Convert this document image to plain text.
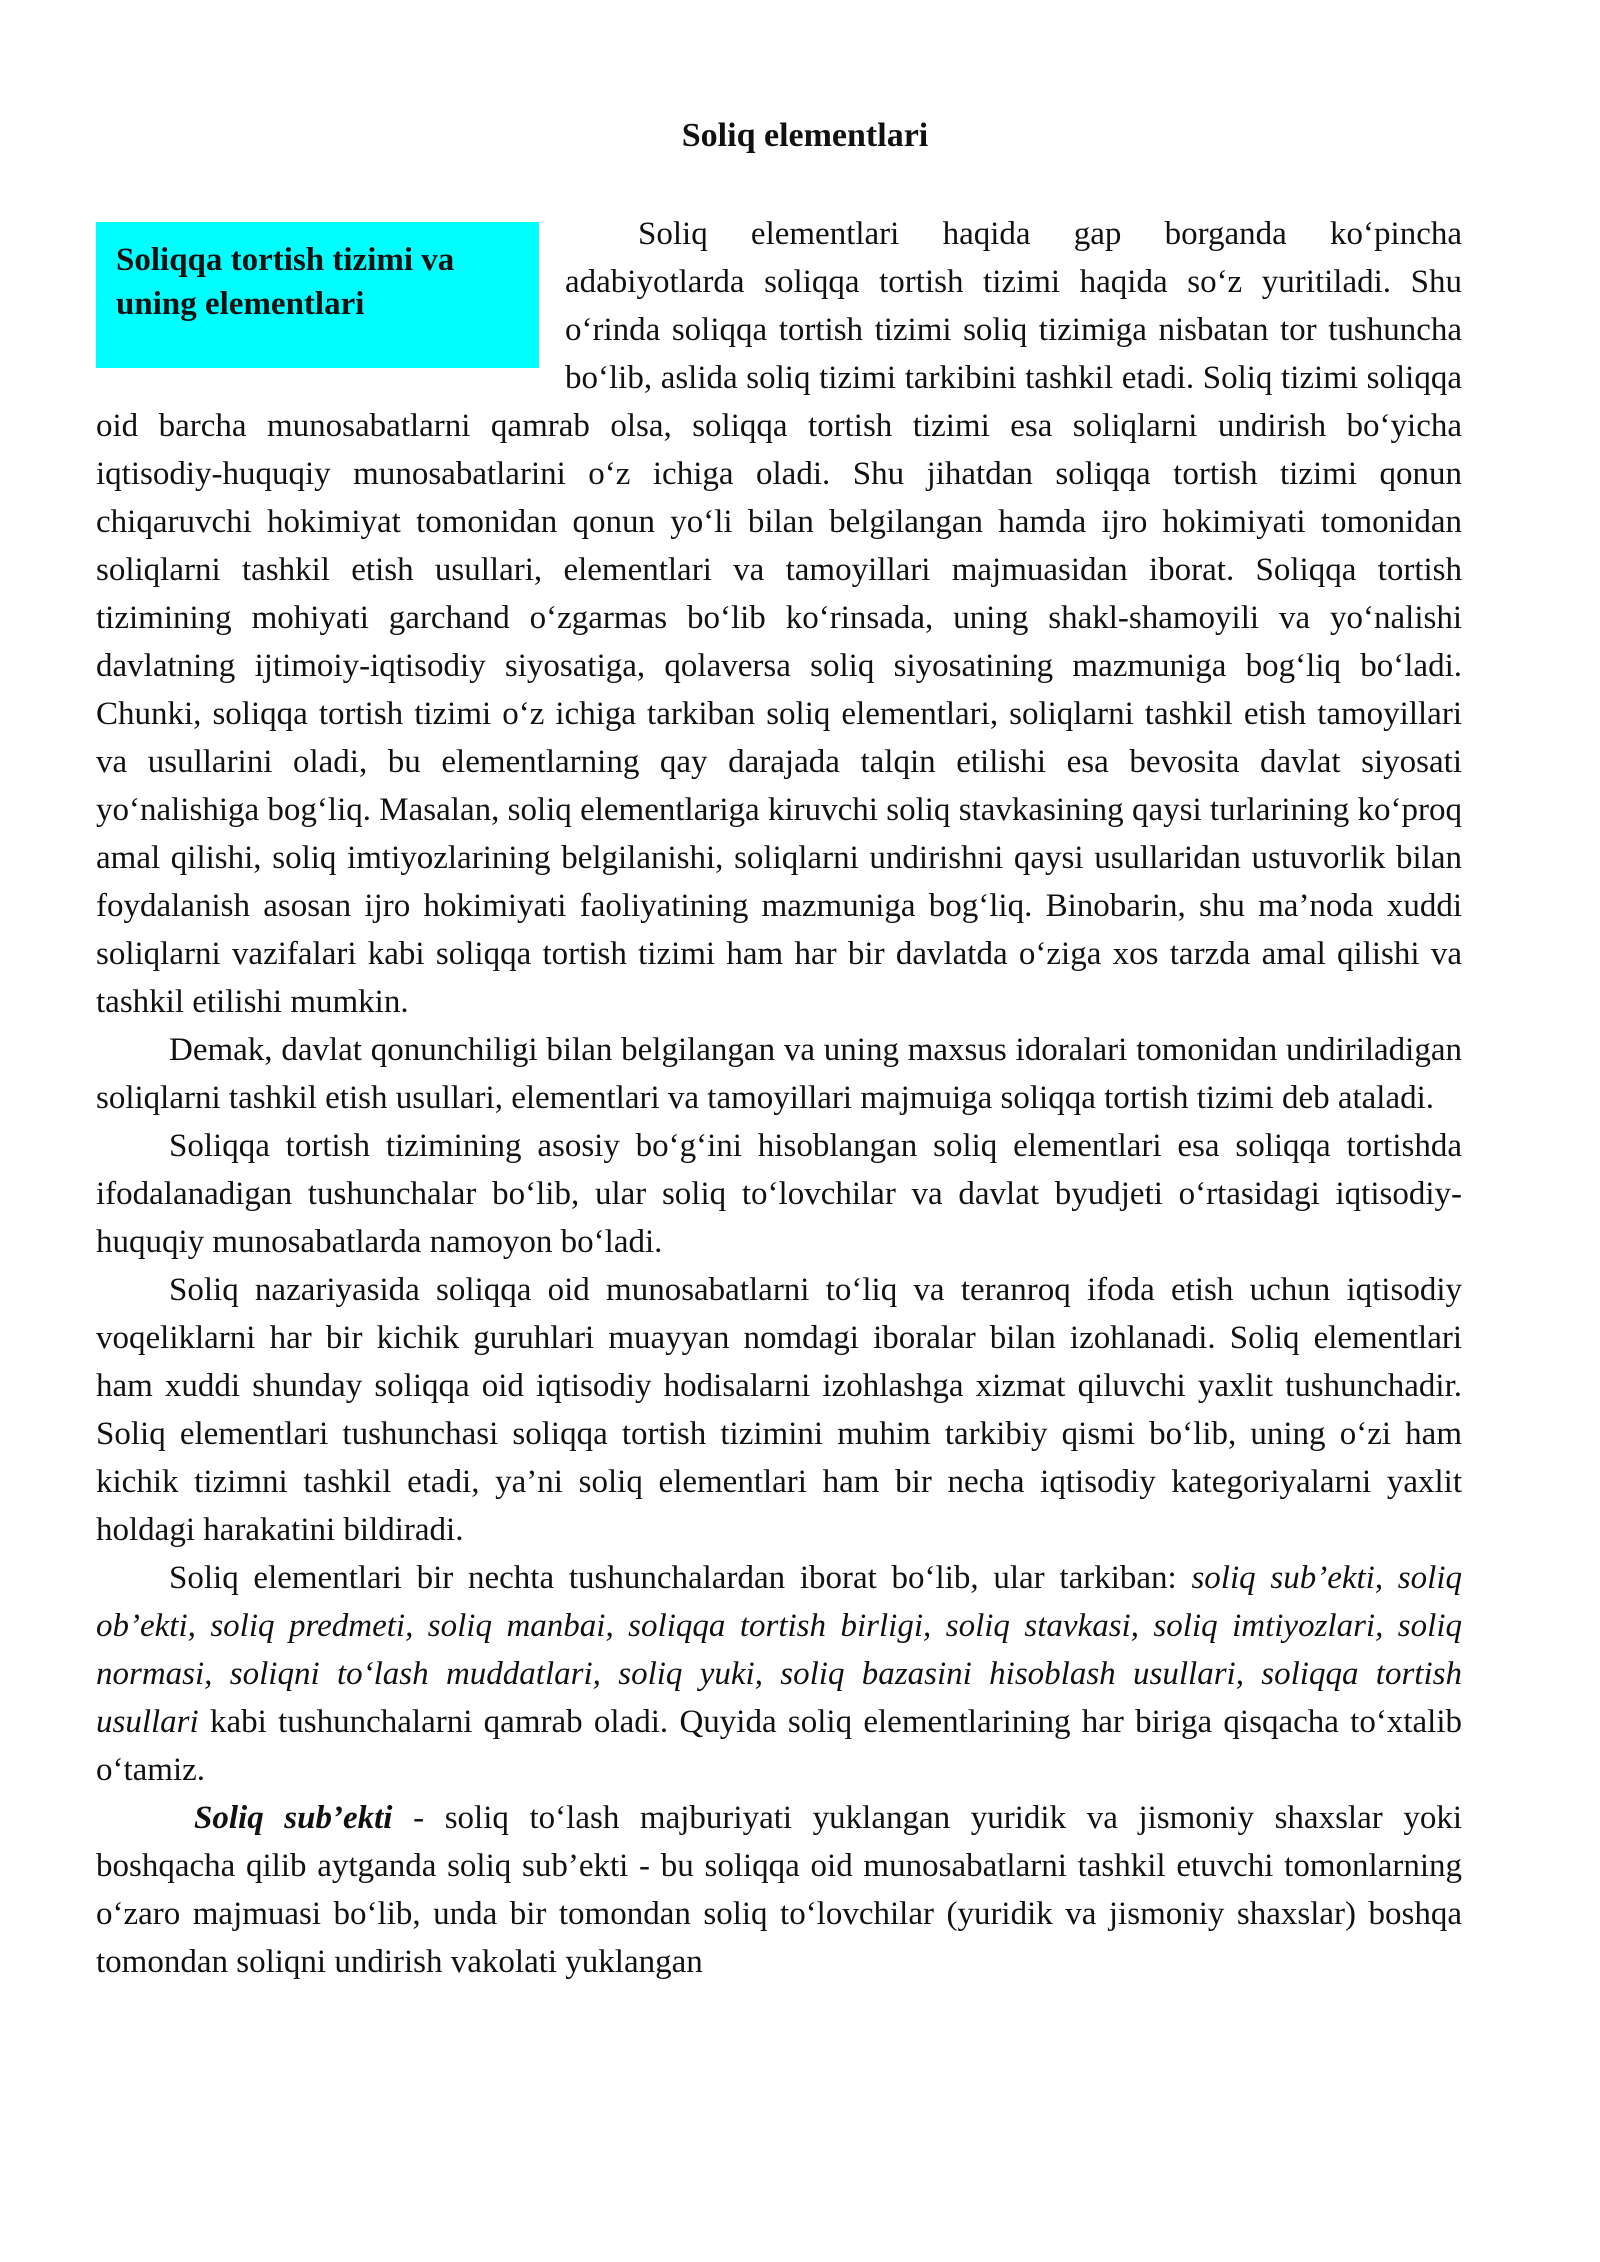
Soliq elementlari
Soliqqa tortish tizimi va
uning elementlari

Soliq elementlari haqida gap borganda koʻpincha adabiyotlarda soliqqa tortish tizimi haqida soʻz yuritiladi. Shu oʻrinda soliqqa tortish tizimi soliq tizimiga nisbatan tor tushuncha boʻlib, aslida soliq tizimi tarkibini tashkil etadi. Soliq tizimi soliqqa oid barcha munosabatlarni qamrab olsa, soliqqa tortish tizimi esa soliqlarni undirish boʻyicha iqtisodiy-huquqiy munosabatlarini oʻz ichiga oladi. Shu jihatdan soliqqa tortish tizimi qonun chiqaruvchi hokimiyat tomonidan qonun yoʻli bilan belgilangan hamda ijro hokimiyati tomonidan soliqlarni tashkil etish usullari, elementlari va tamoyillari majmuasidan iborat. Soliqqa tortish tizimining mohiyati garchand oʻzgarmas boʻlib koʻrinsada, uning shakl-shamoyili va yoʻnalishi davlatning ijtimoiy-iqtisodiy siyosatiga, qolaversa soliq siyosatining mazmuniga bogʻliq boʻladi. Chunki, soliqqa tortish tizimi oʻz ichiga tarkiban soliq elementlari, soliqlarni tashkil etish tamoyillari va usullarini oladi, bu elementlarning qay darajada talqin etilishi esa bevosita davlat siyosati yoʻnalishiga bogʻliq. Masalan, soliq elementlariga kiruvchi soliq stavkasining qaysi turlarining koʻproq amal qilishi, soliq imtiyozlarining belgilanishi, soliqlarni undirishni qaysi usullaridan ustuvorlik bilan foydalanish asosan ijro hokimiyati faoliyatining mazmuniga bogʻliq. Binobarin, shu ma’noda xuddi soliqlarni vazifalari kabi soliqqa tortish tizimi ham har bir davlatda oʻziga xos tarzda amal qilishi va tashkil etilishi mumkin.

Demak, davlat qonunchiligi bilan belgilangan va uning maxsus idoralari tomonidan undiriladigan soliqlarni tashkil etish usullari, elementlari va tamoyillari majmuiga soliqqa tortish tizimi deb ataladi.

Soliqqa tortish tizimining asosiy boʻgʻini hisoblangan soliq elementlari esa soliqqa tortishda ifodalanadigan tushunchalar boʻlib, ular soliq toʻlovchilar va davlat byudjeti oʻrtasidagi iqtisodiy-huquqiy munosabatlarda namoyon boʻladi.

Soliq nazariyasida soliqqa oid munosabatlarni toʻliq va teranroq ifoda etish uchun iqtisodiy voqeliklarni har bir kichik guruhlari muayyan nomdagi iboralar bilan izohlanadi. Soliq elementlari ham xuddi shunday soliqqa oid iqtisodiy hodisalarni izohlashga xizmat qiluvchi yaxlit tushunchadir. Soliq elementlari tushunchasi soliqqa tortish tizimini muhim tarkibiy qismi boʻlib, uning oʻzi ham kichik tizimni tashkil etadi, ya’ni soliq elementlari ham bir necha iqtisodiy kategoriyalarni yaxlit holdagi harakatini bildiradi.

Soliq elementlari bir nechta tushunchalardan iborat boʻlib, ular tarkiban: soliq sub’ekti, soliq ob’ekti, soliq predmeti, soliq manbai, soliqqa tortish birligi, soliq stavkasi, soliq imtiyozlari, soliq normasi, soliqni toʻlash muddatlari, soliq yuki, soliq bazasini hisoblash usullari, soliqqa tortish usullari kabi tushunchalarni qamrab oladi. Quyida soliq elementlarining har biriga qisqacha toʻxtalib oʻtamiz.

Soliq sub’ekti - soliq toʻlash majburiyati yuklangan yuridik va jismoniy shaxslar yoki boshqacha qilib aytganda soliq sub’ekti - bu soliqqa oid munosabatlarni tashkil etuvchi tomonlarning oʻzaro majmuasi boʻlib, unda bir tomondan soliq toʻlovchilar (yuridik va jismoniy shaxslar) boshqa tomondan soliqni undirish vakolati yuklangan
